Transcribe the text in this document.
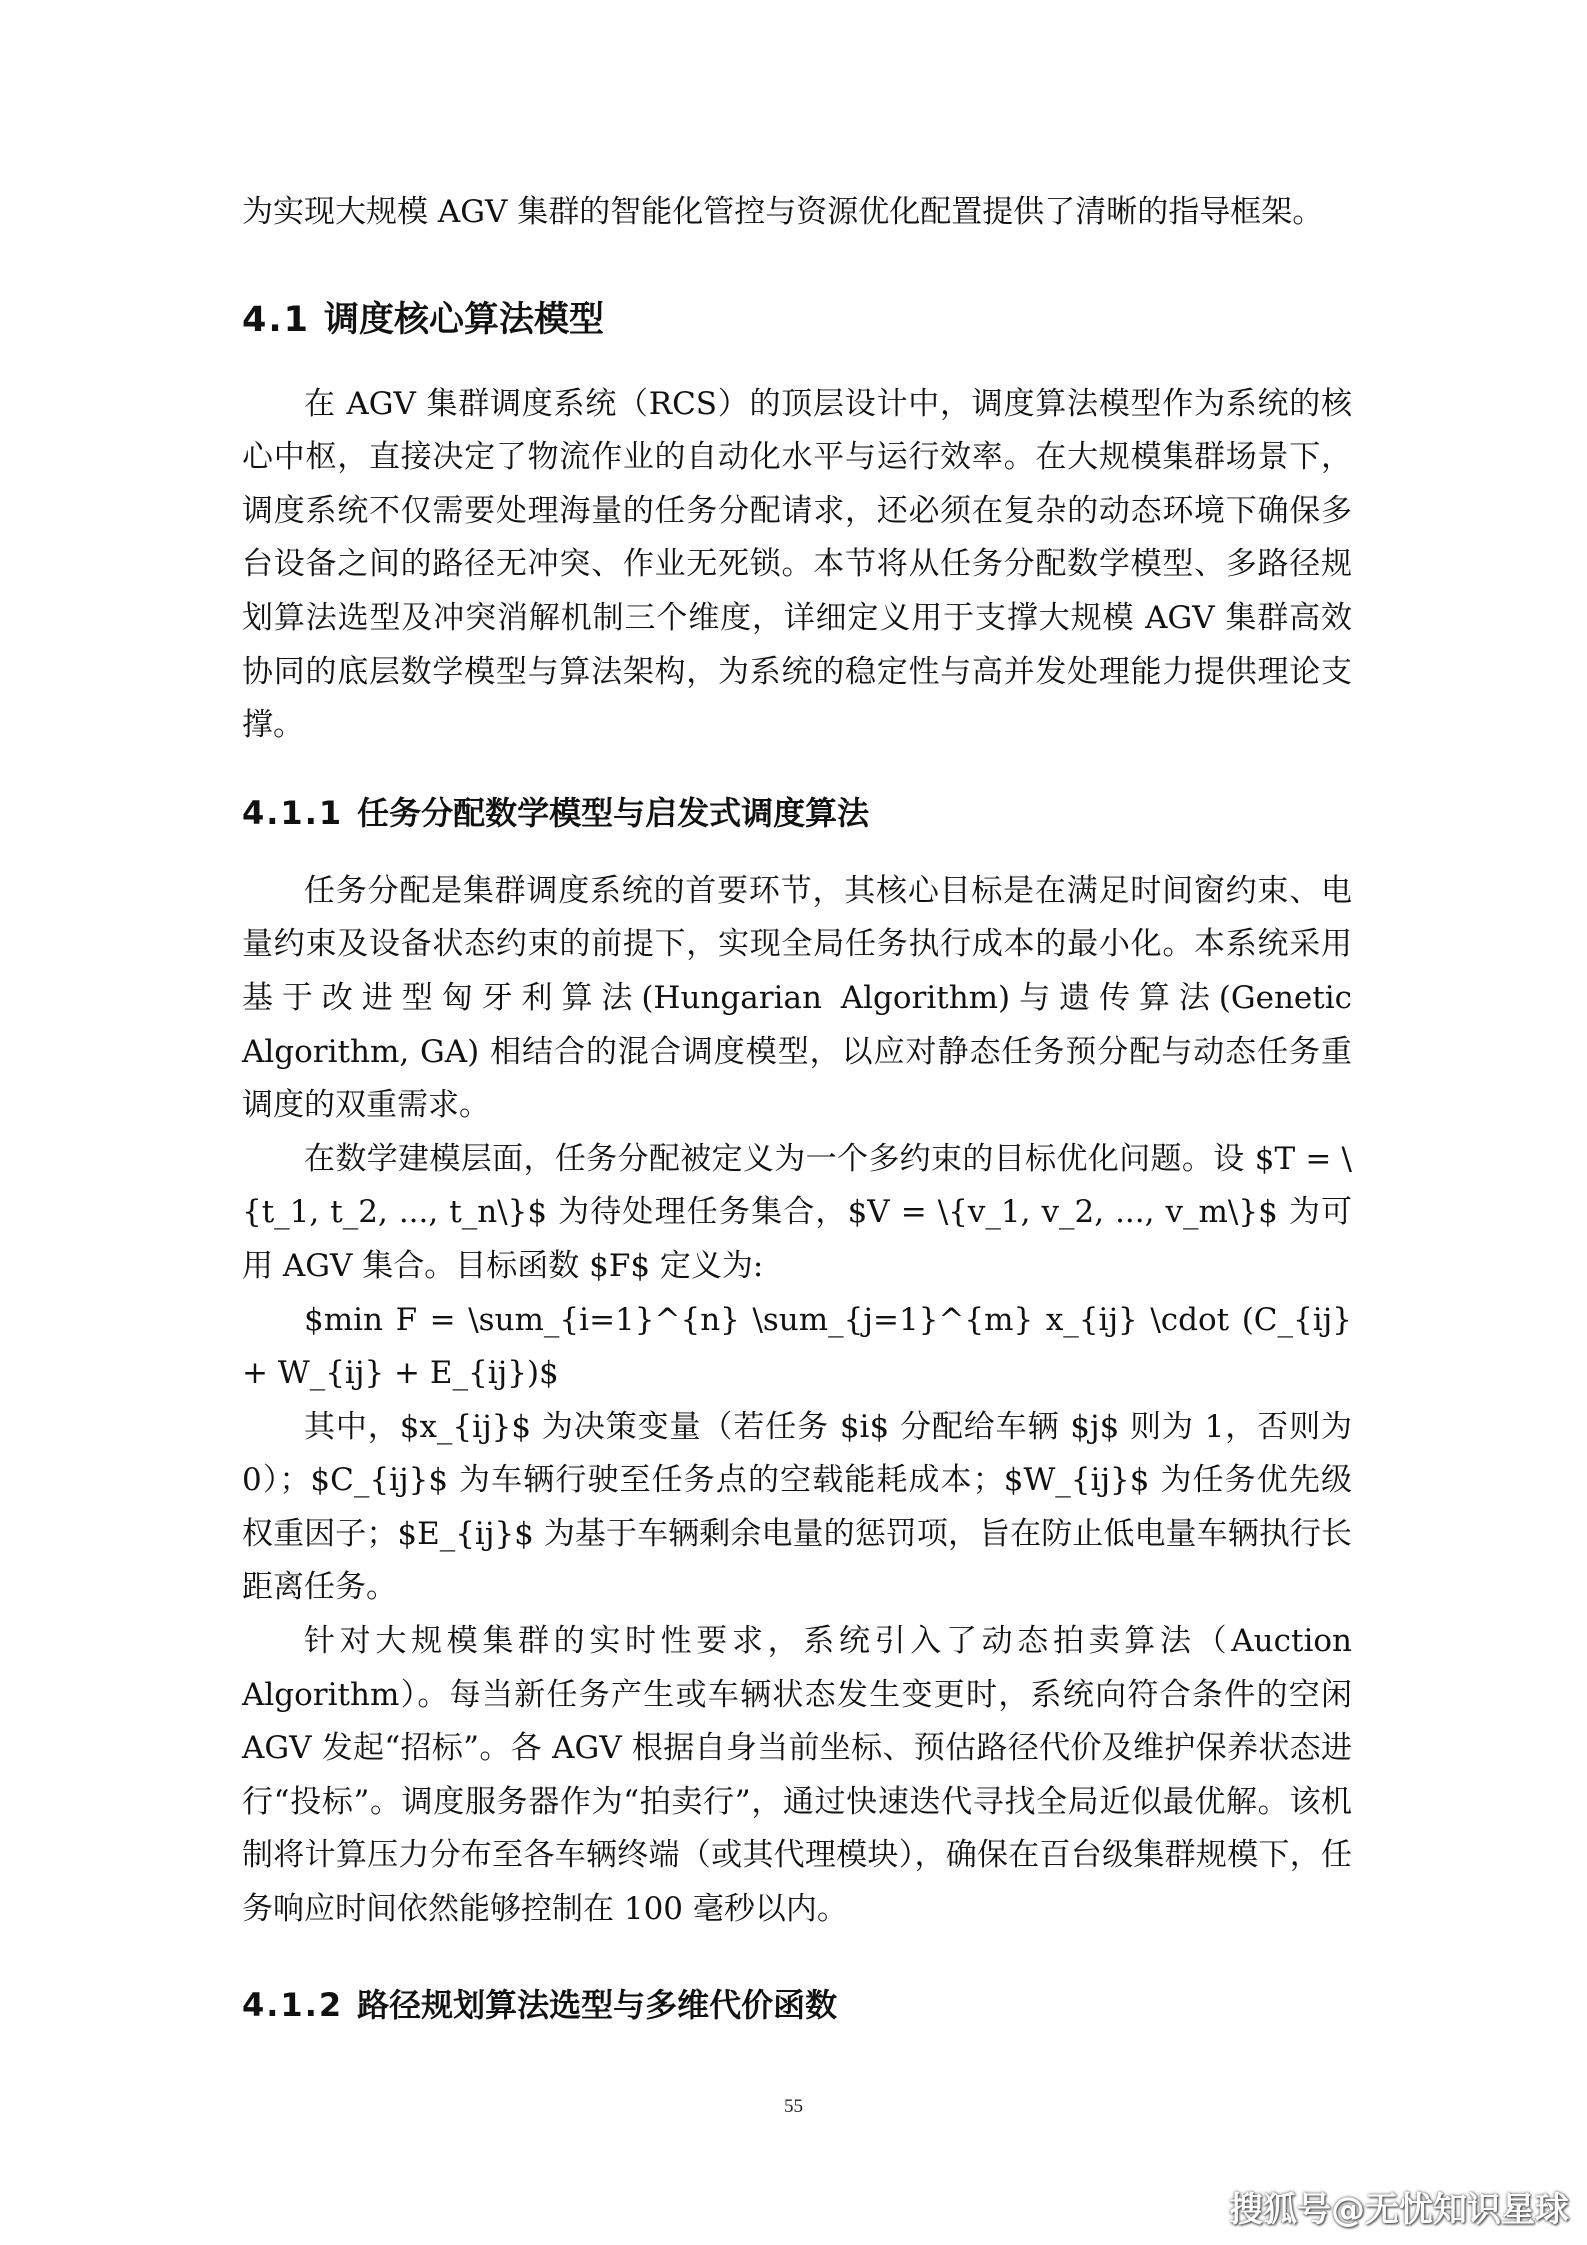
为实现大规模 AGV 集群的智能化管控与资源优化配置提供了清晰的指导框架。

4.1 调度核心算法模型

在 AGV 集群调度系统（RCS）的顶层设计中，调度算法模型作为系统的核心中枢，直接决定了物流作业的自动化水平与运行效率。在大规模集群场景下，调度系统不仅需要处理海量的任务分配请求，还必须在复杂的动态环境下确保多台设备之间的路径无冲突、作业无死锁。本节将从任务分配数学模型、多路径规划算法选型及冲突消解机制三个维度，详细定义用于支撑大规模 AGV 集群高效协同的底层数学模型与算法架构，为系统的稳定性与高并发处理能力提供理论支撑。

4.1.1 任务分配数学模型与启发式调度算法

任务分配是集群调度系统的首要环节，其核心目标是在满足时间窗约束、电量约束及设备状态约束的前提下，实现全局任务执行成本的最小化。本系统采用基于改进型匈牙利算法(Hungarian Algorithm)与遗传算法(Genetic Algorithm, GA) 相结合的混合调度模型，以应对静态任务预分配与动态任务重调度的双重需求。

在数学建模层面，任务分配被定义为一个多约束的目标优化问题。设 $T = \{t_1, t_2, ..., t_n\}$ 为待处理任务集合，$V = \{v_1, v_2, ..., v_m\}$ 为可用 AGV 集合。目标函数 $F$ 定义为:

$min F = \sum_{i=1}^{n} \sum_{j=1}^{m} x_{ij} \cdot (C_{ij} + W_{ij} + E_{ij})$

其中，$x_{ij}$ 为决策变量（若任务 $i$ 分配给车辆 $j$ 则为 1，否则为 0）；$C_{ij}$ 为车辆行驶至任务点的空载能耗成本；$W_{ij}$ 为任务优先级权重因子；$E_{ij}$ 为基于车辆剩余电量的惩罚项，旨在防止低电量车辆执行长距离任务。

针对大规模集群的实时性要求，系统引入了动态拍卖算法（Auction Algorithm）。每当新任务产生或车辆状态发生变更时，系统向符合条件的空闲 AGV 发起“招标”。各 AGV 根据自身当前坐标、预估路径代价及维护保养状态进行“投标”。调度服务器作为“拍卖行”，通过快速迭代寻找全局近似最优解。该机制将计算压力分布至各车辆终端（或其代理模块），确保在百台级集群规模下，任务响应时间依然能够控制在 100 毫秒以内。

4.1.2 路径规划算法选型与多维代价函数
55
搜狐号@无忧知识星球
